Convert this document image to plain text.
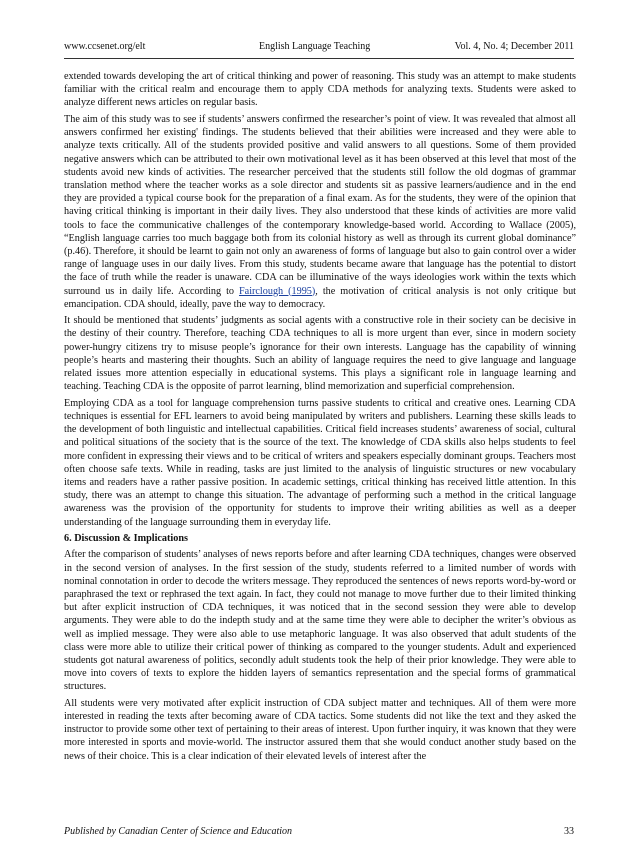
www.ccsenet.org/elt	English Language Teaching	Vol. 4, No. 4; December 2011

extended towards developing the art of critical thinking and power of reasoning. This study was an attempt to make students familiar with the critical realm and encourage them to apply CDA methods for analyzing texts. Students were asked to analyze different news articles on regular basis.

The aim of this study was to see if students’ answers confirmed the researcher’s point of view. It was revealed that almost all answers confirmed her existing' findings. The students believed that their abilities were increased and they were able to analyze texts critically. All of the students provided positive and valid answers to all questions. Some of them provided negative answers which can be attributed to their own motivational level as it has been observed at this level that most of the students avoid new kinds of activities. The researcher perceived that the students still follow the old dogmas of grammar translation method where the teacher works as a sole director and students sit as passive learners/audience and in the end they are provided a typical course book for the preparation of a final exam. As for the students, they were of the opinion that having critical thinking is important in their daily lives. They also understood that these kinds of activities are more valid tools to face the communicative challenges of the contemporary knowledge-based world. According to Wallace (2005), “English language carries too much baggage both from its colonial history as well as through its current global dominance” (p.46). Therefore, it should be learnt to gain not only an awareness of forms of language but also to gain control over a wider range of language uses in our daily lives. From this study, students became aware that language has the potential to distort the face of truth while the reader is unaware. CDA can be illuminative of the ways ideologies work within the texts which surround us in daily life. According to Fairclough (1995), the motivation of critical analysis is not only critique but emancipation. CDA should, ideally, pave the way to democracy.

It should be mentioned that students’ judgments as social agents with a constructive role in their society can be decisive in the destiny of their country. Therefore, teaching CDA techniques to all is more urgent than ever, since in modern society power-hungry citizens try to misuse people’s ignorance for their own interests. Language has the capability of winning people’s hearts and mastering their thoughts. Such an ability of language requires the need to give language and language related issues more attention especially in educational systems. This plays a significant role in language learning and teaching. Teaching CDA is the opposite of parrot learning, blind memorization and superficial comprehension.

Employing CDA as a tool for language comprehension turns passive students to critical and creative ones. Learning CDA techniques is essential for EFL learners to avoid being manipulated by writers and publishers. Learning these skills leads to the development of both linguistic and intellectual capabilities. Critical field increases students’ awareness of social, cultural and political situations of the society that is the source of the text. The knowledge of CDA skills also helps students to feel more confident in expressing their views and to be critical of writers and speakers especially dominant groups. Teachers most often choose safe texts. While in reading, tasks are just limited to the analysis of linguistic structures or new vocabulary items and readers have a rather passive position. In academic settings, critical thinking has received little attention. In this study, there was an attempt to change this situation. The advantage of performing such a method in the critical language awareness was the provision of the opportunity for students to improve their writing abilities as well as a deeper understanding of the language surrounding them in everyday life.

6. Discussion & Implications

After the comparison of students’ analyses of news reports before and after learning CDA techniques, changes were observed in the second version of analyses. In the first session of the study, students referred to a limited number of words with nominal connotation in order to decode the writers message. They reproduced the sentences of news reports word-by-word or paraphrased the text or rephrased the text again. In fact, they could not manage to move further due to their limited thinking but after explicit instruction of CDA techniques, it was noticed that in the second session they were able to develop arguments. They were able to do the indepth study and at the same time they were able to decipher the writer’s obvious as well as implied message. They were also able to use metaphoric language. It was also observed that adult students of the class were more able to utilize their critical power of thinking as compared to the younger students. Adult and experienced students got natural awareness of politics, secondly adult students took the help of their prior knowledge. They were able to move into covers of texts to explore the hidden layers of semantics representation and the special forms of grammatical structures.

All students were very motivated after explicit instruction of CDA subject matter and techniques. All of them were more interested in reading the texts after becoming aware of CDA tactics. Some students did not like the text and they asked the instructor to provide some other text of pertaining to their areas of interest. Upon further inquiry, it was known that they were more interested in sports and movie-world. The instructor assured them that she would conduct another study based on the news of their choice. This is a clear indication of their elevated levels of interest after the

Published by Canadian Center of Science and Education	33
